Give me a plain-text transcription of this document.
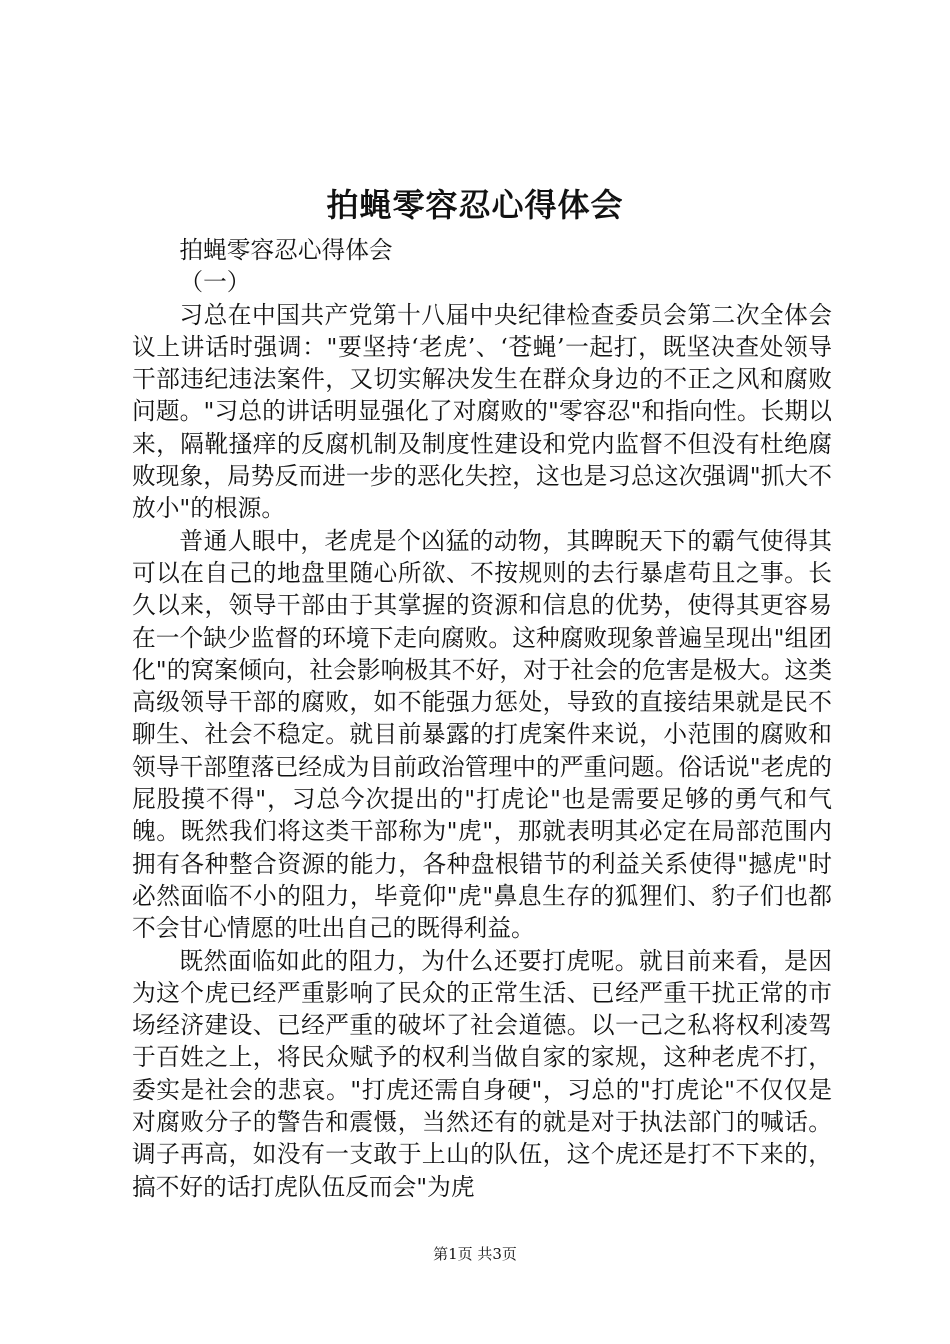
拍蝇零容忍心得体会

拍蝇零容忍心得体会

（一）

习总在中国共产党第十八届中央纪律检查委员会第二次全体会议上讲话时强调："要坚持‘老虎’、‘苍蝇’一起打，既坚决查处领导干部违纪违法案件，又切实解决发生在群众身边的不正之风和腐败问题。"习总的讲话明显强化了对腐败的"零容忍"和指向性。长期以来，隔靴搔痒的反腐机制及制度性建设和党内监督不但没有杜绝腐败现象，局势反而进一步的恶化失控，这也是习总这次强调"抓大不放小"的根源。

普通人眼中，老虎是个凶猛的动物，其睥睨天下的霸气使得其可以在自己的地盘里随心所欲、不按规则的去行暴虐苟且之事。长久以来，领导干部由于其掌握的资源和信息的优势，使得其更容易在一个缺少监督的环境下走向腐败。这种腐败现象普遍呈现出"组团化"的窝案倾向，社会影响极其不好，对于社会的危害是极大。这类高级领导干部的腐败，如不能强力惩处，导致的直接结果就是民不聊生、社会不稳定。就目前暴露的打虎案件来说，小范围的腐败和领导干部堕落已经成为目前政治管理中的严重问题。俗话说"老虎的屁股摸不得"，习总今次提出的"打虎论"也是需要足够的勇气和气魄。既然我们将这类干部称为"虎"，那就表明其必定在局部范围内拥有各种整合资源的能力，各种盘根错节的利益关系使得"撼虎"时必然面临不小的阻力，毕竟仰"虎"鼻息生存的狐狸们、豹子们也都不会甘心情愿的吐出自己的既得利益。

既然面临如此的阻力，为什么还要打虎呢。就目前来看，是因为这个虎已经严重影响了民众的正常生活、已经严重干扰正常的市场经济建设、已经严重的破坏了社会道德。以一己之私将权利凌驾于百姓之上，将民众赋予的权利当做自家的家规，这种老虎不打，委实是社会的悲哀。"打虎还需自身硬"，习总的"打虎论"不仅仅是对腐败分子的警告和震慑，当然还有的就是对于执法部门的喊话。调子再高，如没有一支敢于上山的队伍，这个虎还是打不下来的，搞不好的话打虎队伍反而会"为虎

第1页 共3页
